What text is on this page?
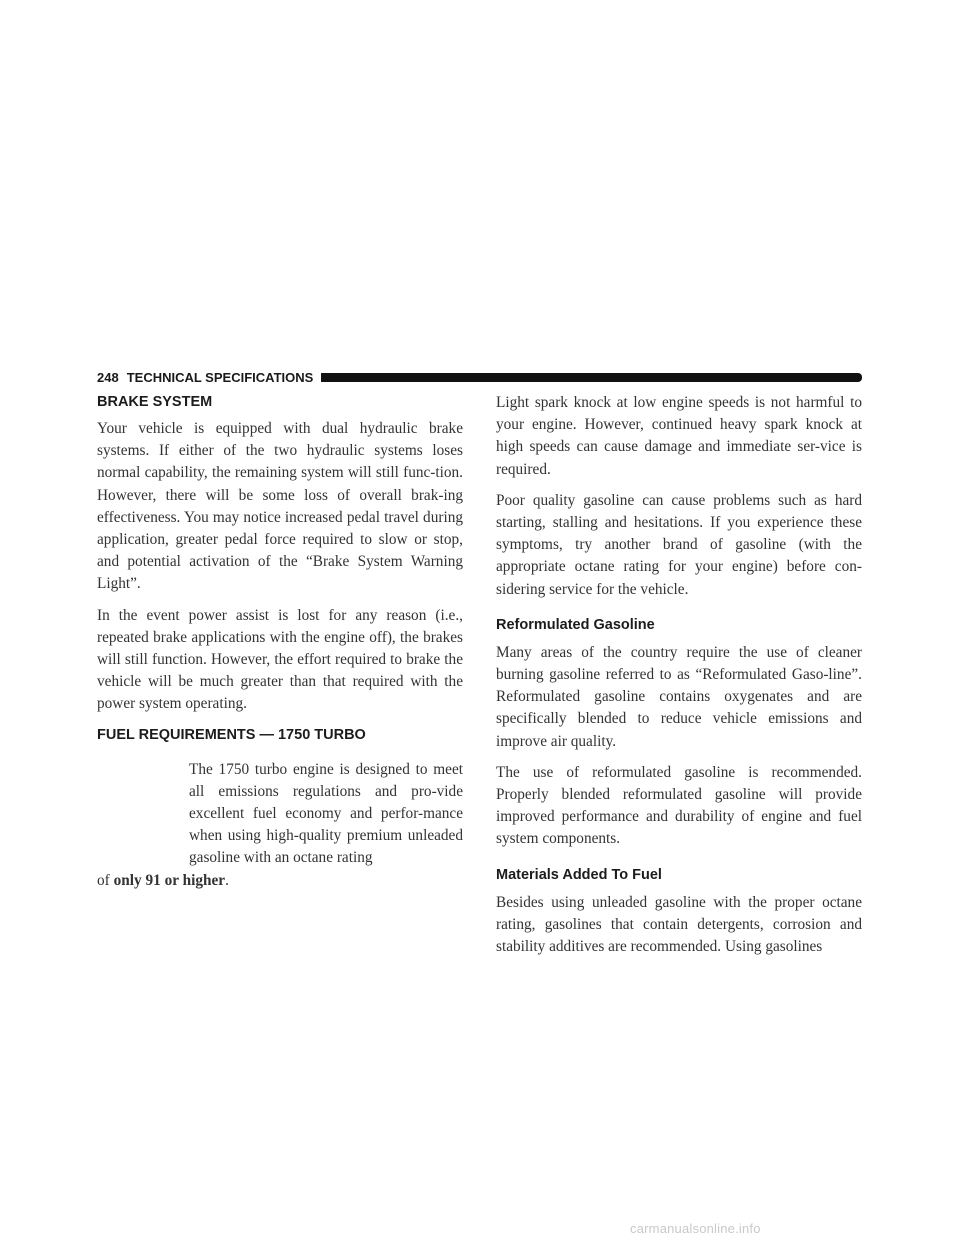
248 TECHNICAL SPECIFICATIONS
BRAKE SYSTEM

Your vehicle is equipped with dual hydraulic brake systems. If either of the two hydraulic systems loses normal capability, the remaining system will still func-tion. However, there will be some loss of overall brak-ing effectiveness. You may notice increased pedal travel during application, greater pedal force required to slow or stop, and potential activation of the “Brake System Warning Light”.

In the event power assist is lost for any reason (i.e., repeated brake applications with the engine off), the brakes will still function. However, the effort required to brake the vehicle will be much greater than that required with the power system operating.

FUEL REQUIREMENTS — 1750 TURBO

The 1750 turbo engine is designed to meet all emissions regulations and pro-vide excellent fuel economy and perfor-mance when using high-quality premium unleaded gasoline with an octane rating

of only 91 or higher.

Light spark knock at low engine speeds is not harmful to your engine. However, continued heavy spark knock at high speeds can cause damage and immediate ser-vice is required.

Poor quality gasoline can cause problems such as hard starting, stalling and hesitations. If you experience these symptoms, try another brand of gasoline (with the appropriate octane rating for your engine) before con-sidering service for the vehicle.

Reformulated Gasoline

Many areas of the country require the use of cleaner burning gasoline referred to as “Reformulated Gaso-line”. Reformulated gasoline contains oxygenates and are specifically blended to reduce vehicle emissions and improve air quality.

The use of reformulated gasoline is recommended. Properly blended reformulated gasoline will provide improved performance and durability of engine and fuel system components.

Materials Added To Fuel

Besides using unleaded gasoline with the proper octane rating, gasolines that contain detergents, corrosion and stability additives are recommended. Using gasolines

carmanualsonline.info
